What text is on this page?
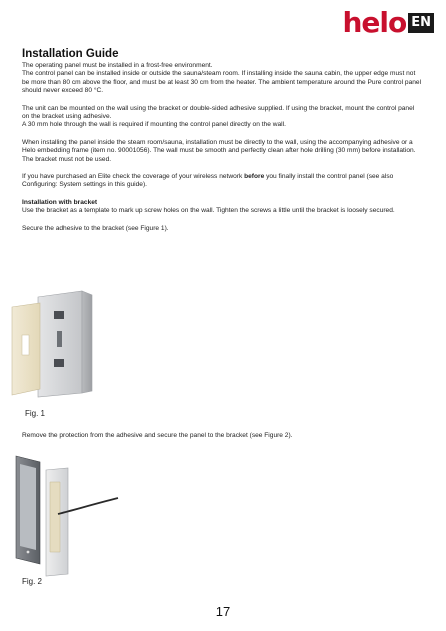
helo EN
Installation Guide

The operating panel must be installed in a frost-free environment.
The control panel can be installed inside or outside the sauna/steam room. If installing inside the sauna cabin, the upper edge must not be more than 80 cm above the floor, and must be at least 30 cm from the heater. The ambient temperature around the Pure control panel should never exceed 80 °C.

The unit can be mounted on the wall using the bracket or double-sided adhesive supplied. If using the bracket, mount the control panel on the bracket using adhesive.
A 30 mm hole through the wall is required if mounting the control panel directly on the wall.

When installing the panel inside the steam room/sauna, installation must be directly to the wall, using the accompanying adhesive or a Helo embedding frame (item no. 90001056). The wall must be smooth and perfectly clean after hole drilling (30 mm) before installation. The bracket must not be used.

If you have purchased an Elite check the coverage of your wireless network before you finally install the control panel (see also Configuring: System settings in this guide).

Installation with bracket

Use the bracket as a template to mark up screw holes on the wall. Tighten the screws a little until the bracket is loosely secured.

Secure the adhesive to the bracket (see Figure 1).

Fig. 1
Remove the protection from the adhesive and secure the panel to the bracket (see Figure 2).
Fig. 2
17
